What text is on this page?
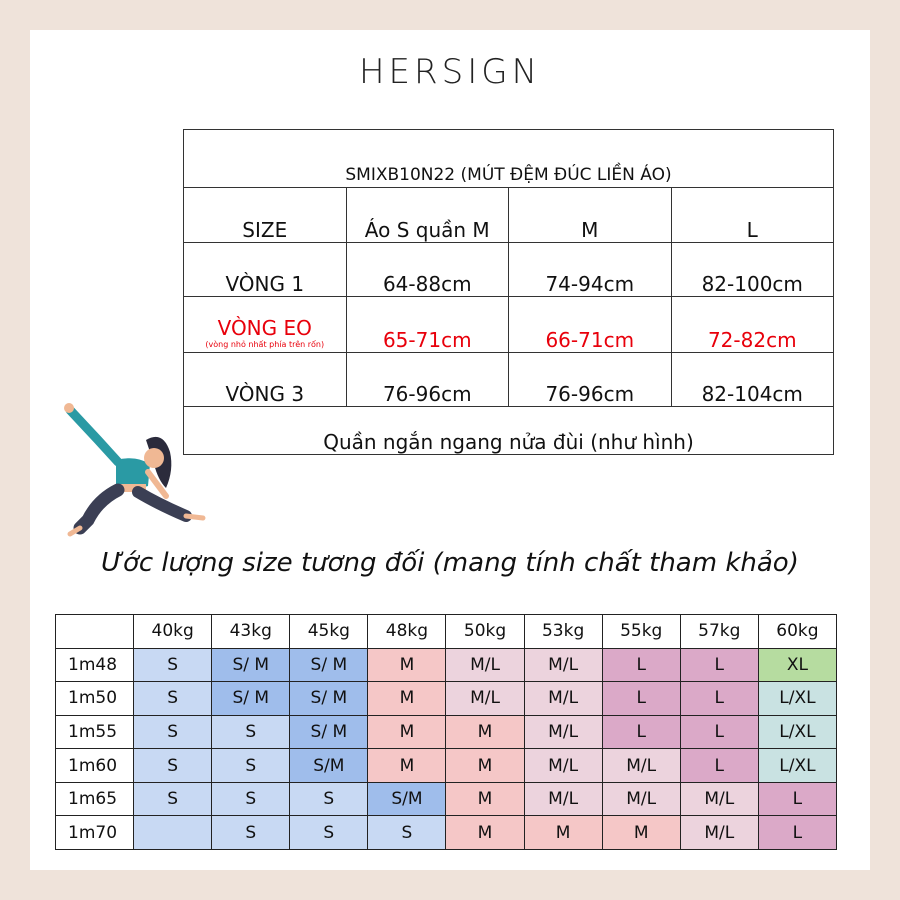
HERSIGN
SMIXB10N22 (MÚT ĐỆM ĐÚC LIỀN ÁO)			
SIZE	Áo S quần M	M	L
VÒNG 1	64-88cm	74-94cm	82-100cm
VÒNG EO
(vòng nhỏ nhất phía trên rốn)	65-71cm	66-71cm	72-82cm
VÒNG 3	76-96cm	76-96cm	82-104cm
Quần ngắn ngang nửa đùi (như hình)			
Ước lượng size tương đối (mang tính chất tham khảo)
	40kg	43kg	45kg	48kg	50kg	53kg	55kg	57kg	60kg
1m48	S	S/ M	S/ M	M	M/L	M/L	L	L	XL
1m50	S	S/ M	S/ M	M	M/L	M/L	L	L	L/XL
1m55	S	S	S/ M	M	M	M/L	L	L	L/XL
1m60	S	S	S/M	M	M	M/L	M/L	L	L/XL
1m65	S	S	S	S/M	M	M/L	M/L	M/L	L
1m70		S	S	S	M	M	M	M/L	L
